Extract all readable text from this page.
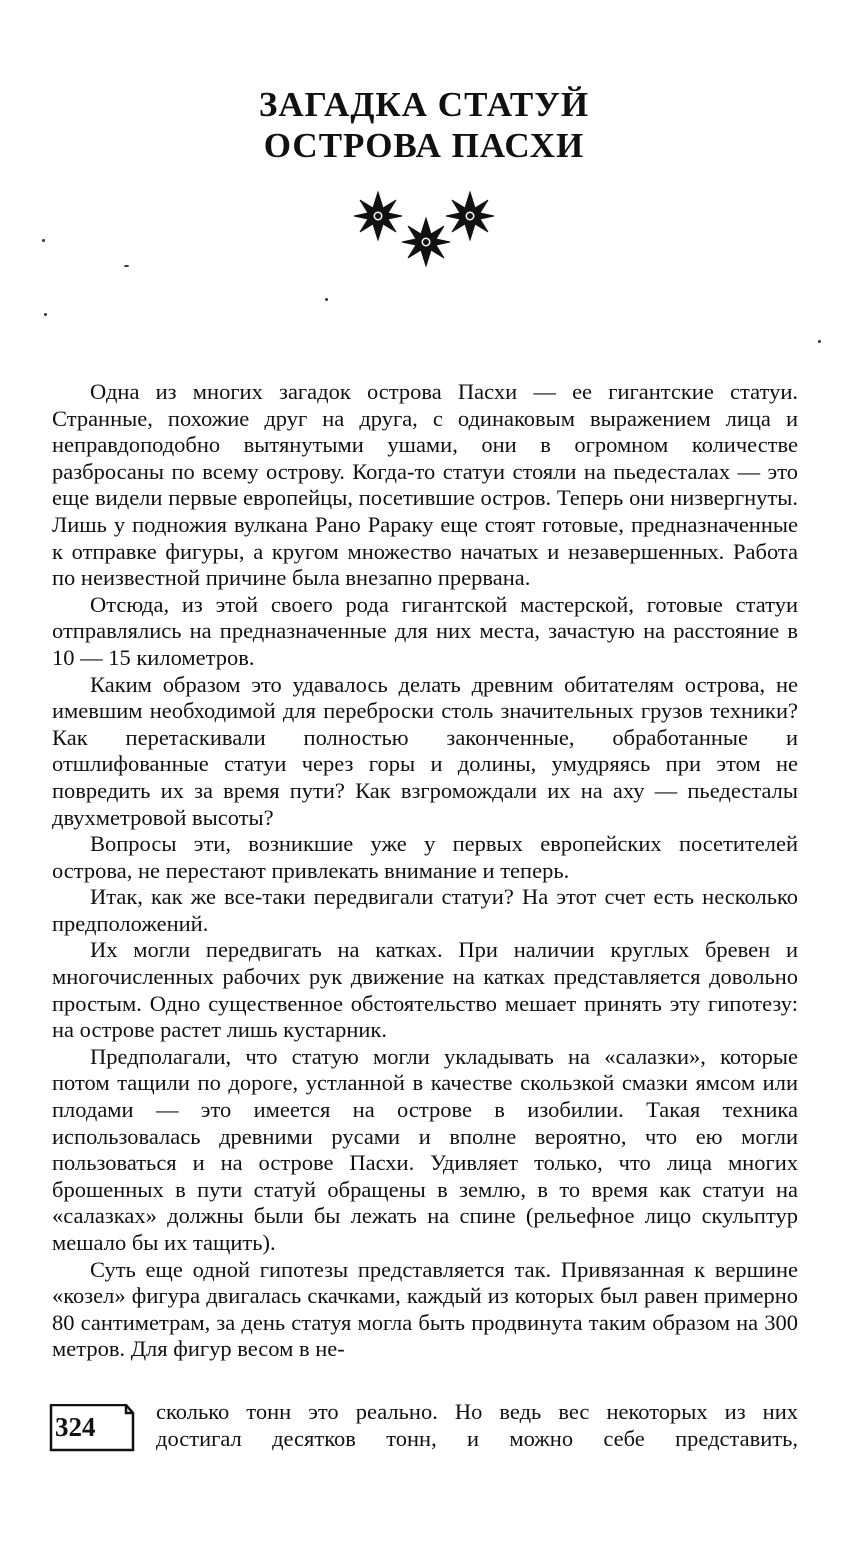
ЗАГАДКА СТАТУЙ
ОСТРОВА ПАСХИ

Одна из многих загадок острова Пасхи — ее гигантские статуи. Странные, похожие друг на друга, с одинаковым выражением лица и неправдоподобно вытянутыми ушами, они в огромном количестве разбросаны по всему острову. Когда-то статуи стояли на пьедесталах — это еще видели первые европейцы, посетившие остров. Теперь они низвергнуты. Лишь у подножия вулкана Рано Рараку еще стоят готовые, предназначенные к отправке фигуры, а кругом множество начатых и незавершенных. Работа по неизвестной причине была внезапно прервана.

Отсюда, из этой своего рода гигантской мастерской, готовые статуи отправлялись на предназначенные для них места, зачастую на расстояние в 10 — 15 километров.

Каким образом это удавалось делать древним обитателям острова, не имевшим необходимой для переброски столь значительных грузов техники? Как перетаскивали полностью законченные, обработанные и отшлифованные статуи через горы и долины, умудряясь при этом не повредить их за время пути? Как взгромождали их на аху — пьедесталы двухметровой высоты?

Вопросы эти, возникшие уже у первых европейских посетителей острова, не перестают привлекать внимание и теперь.

Итак, как же все-таки передвигали статуи? На этот счет есть несколько предположений.

Их могли передвигать на катках. При наличии круглых бревен и многочисленных рабочих рук движение на катках представляется довольно простым. Одно существенное обстоятельство мешает принять эту гипотезу: на острове растет лишь кустарник.

Предполагали, что статую могли укладывать на «салазки», которые потом тащили по дороге, устланной в качестве скользкой смазки ямсом или плодами — это имеется на острове в изобилии. Такая техника использовалась древними русами и вполне вероятно, что ею могли пользоваться и на острове Пасхи. Удивляет только, что лица многих брошенных в пути статуй обращены в землю, в то время как статуи на «салазках» должны были бы лежать на спине (рельефное лицо скульптур мешало бы их тащить).

Суть еще одной гипотезы представляется так. Привязанная к вершине «козел» фигура двигалась скачками, каждый из которых был равен примерно 80 сантиметрам, за день статуя могла быть продвинута таким образом на 300 метров. Для фигур весом в не-

324
сколько тонн это реально. Но ведь вес некоторых из них
достигал десятков тонн, и можно себе представить,
